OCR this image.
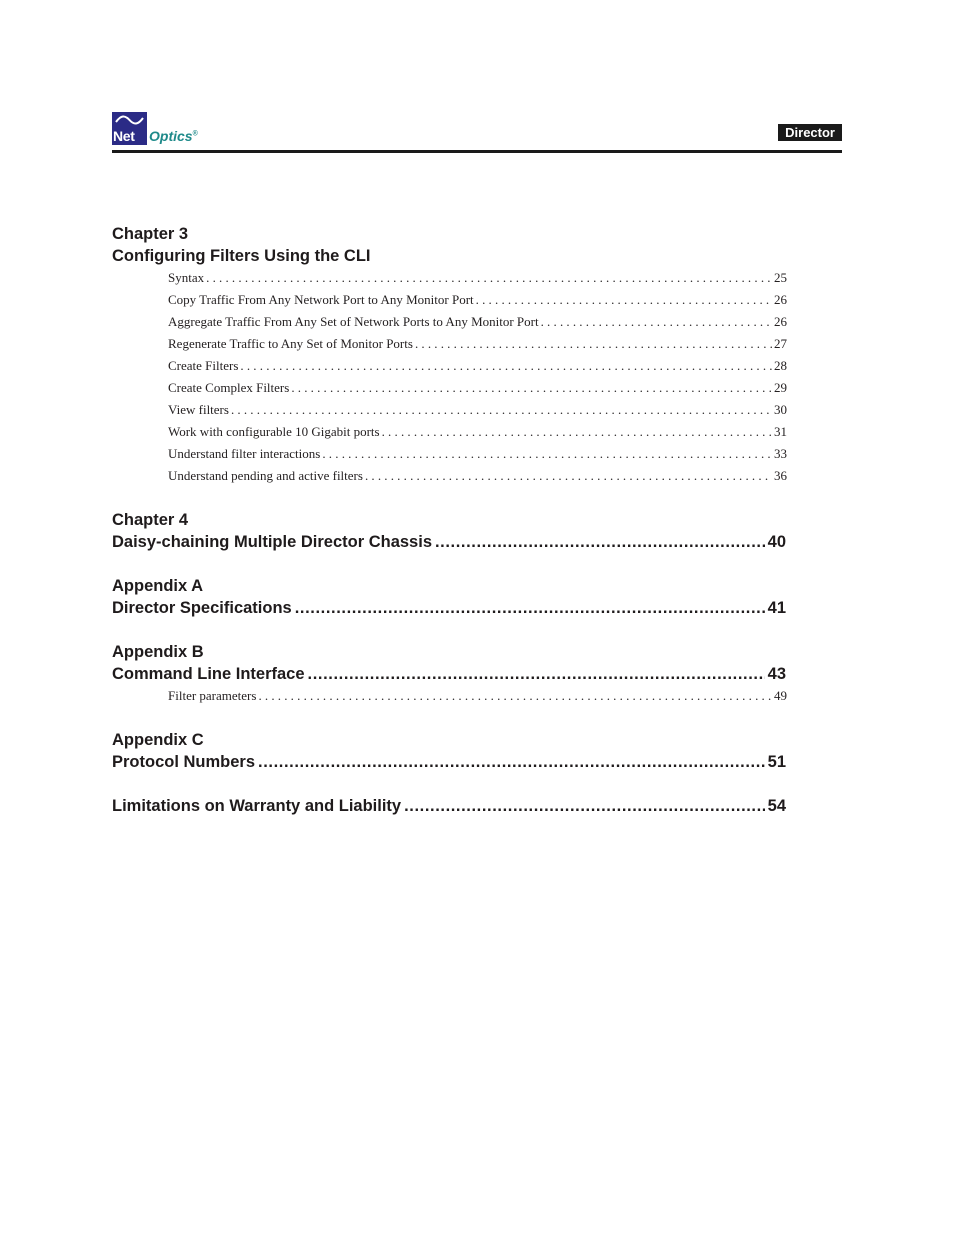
Net	Optics®	Director
Chapter 3
Configuring Filters Using the CLI
Syntax .....	25
Copy Traffic From Any Network Port to Any Monitor Port .....	26
Aggregate Traffic From Any Set of Network Ports to Any Monitor Port .....	26
Regenerate Traffic to Any Set of Monitor Ports .....	27
Create Filters .....	28
Create Complex Filters .....	29
View filters .....	30
Work with configurable 10 Gigabit ports .....	31
Understand filter interactions .....	33
Understand pending and active filters .....	36
Chapter 4
Daisy-chaining Multiple Director Chassis .....	40
Appendix A
Director Specifications .....	41
Appendix B
Command Line Interface .....	43
Filter parameters .....	49
Appendix C
Protocol Numbers .....	51
Limitations on Warranty and Liability .....	54
